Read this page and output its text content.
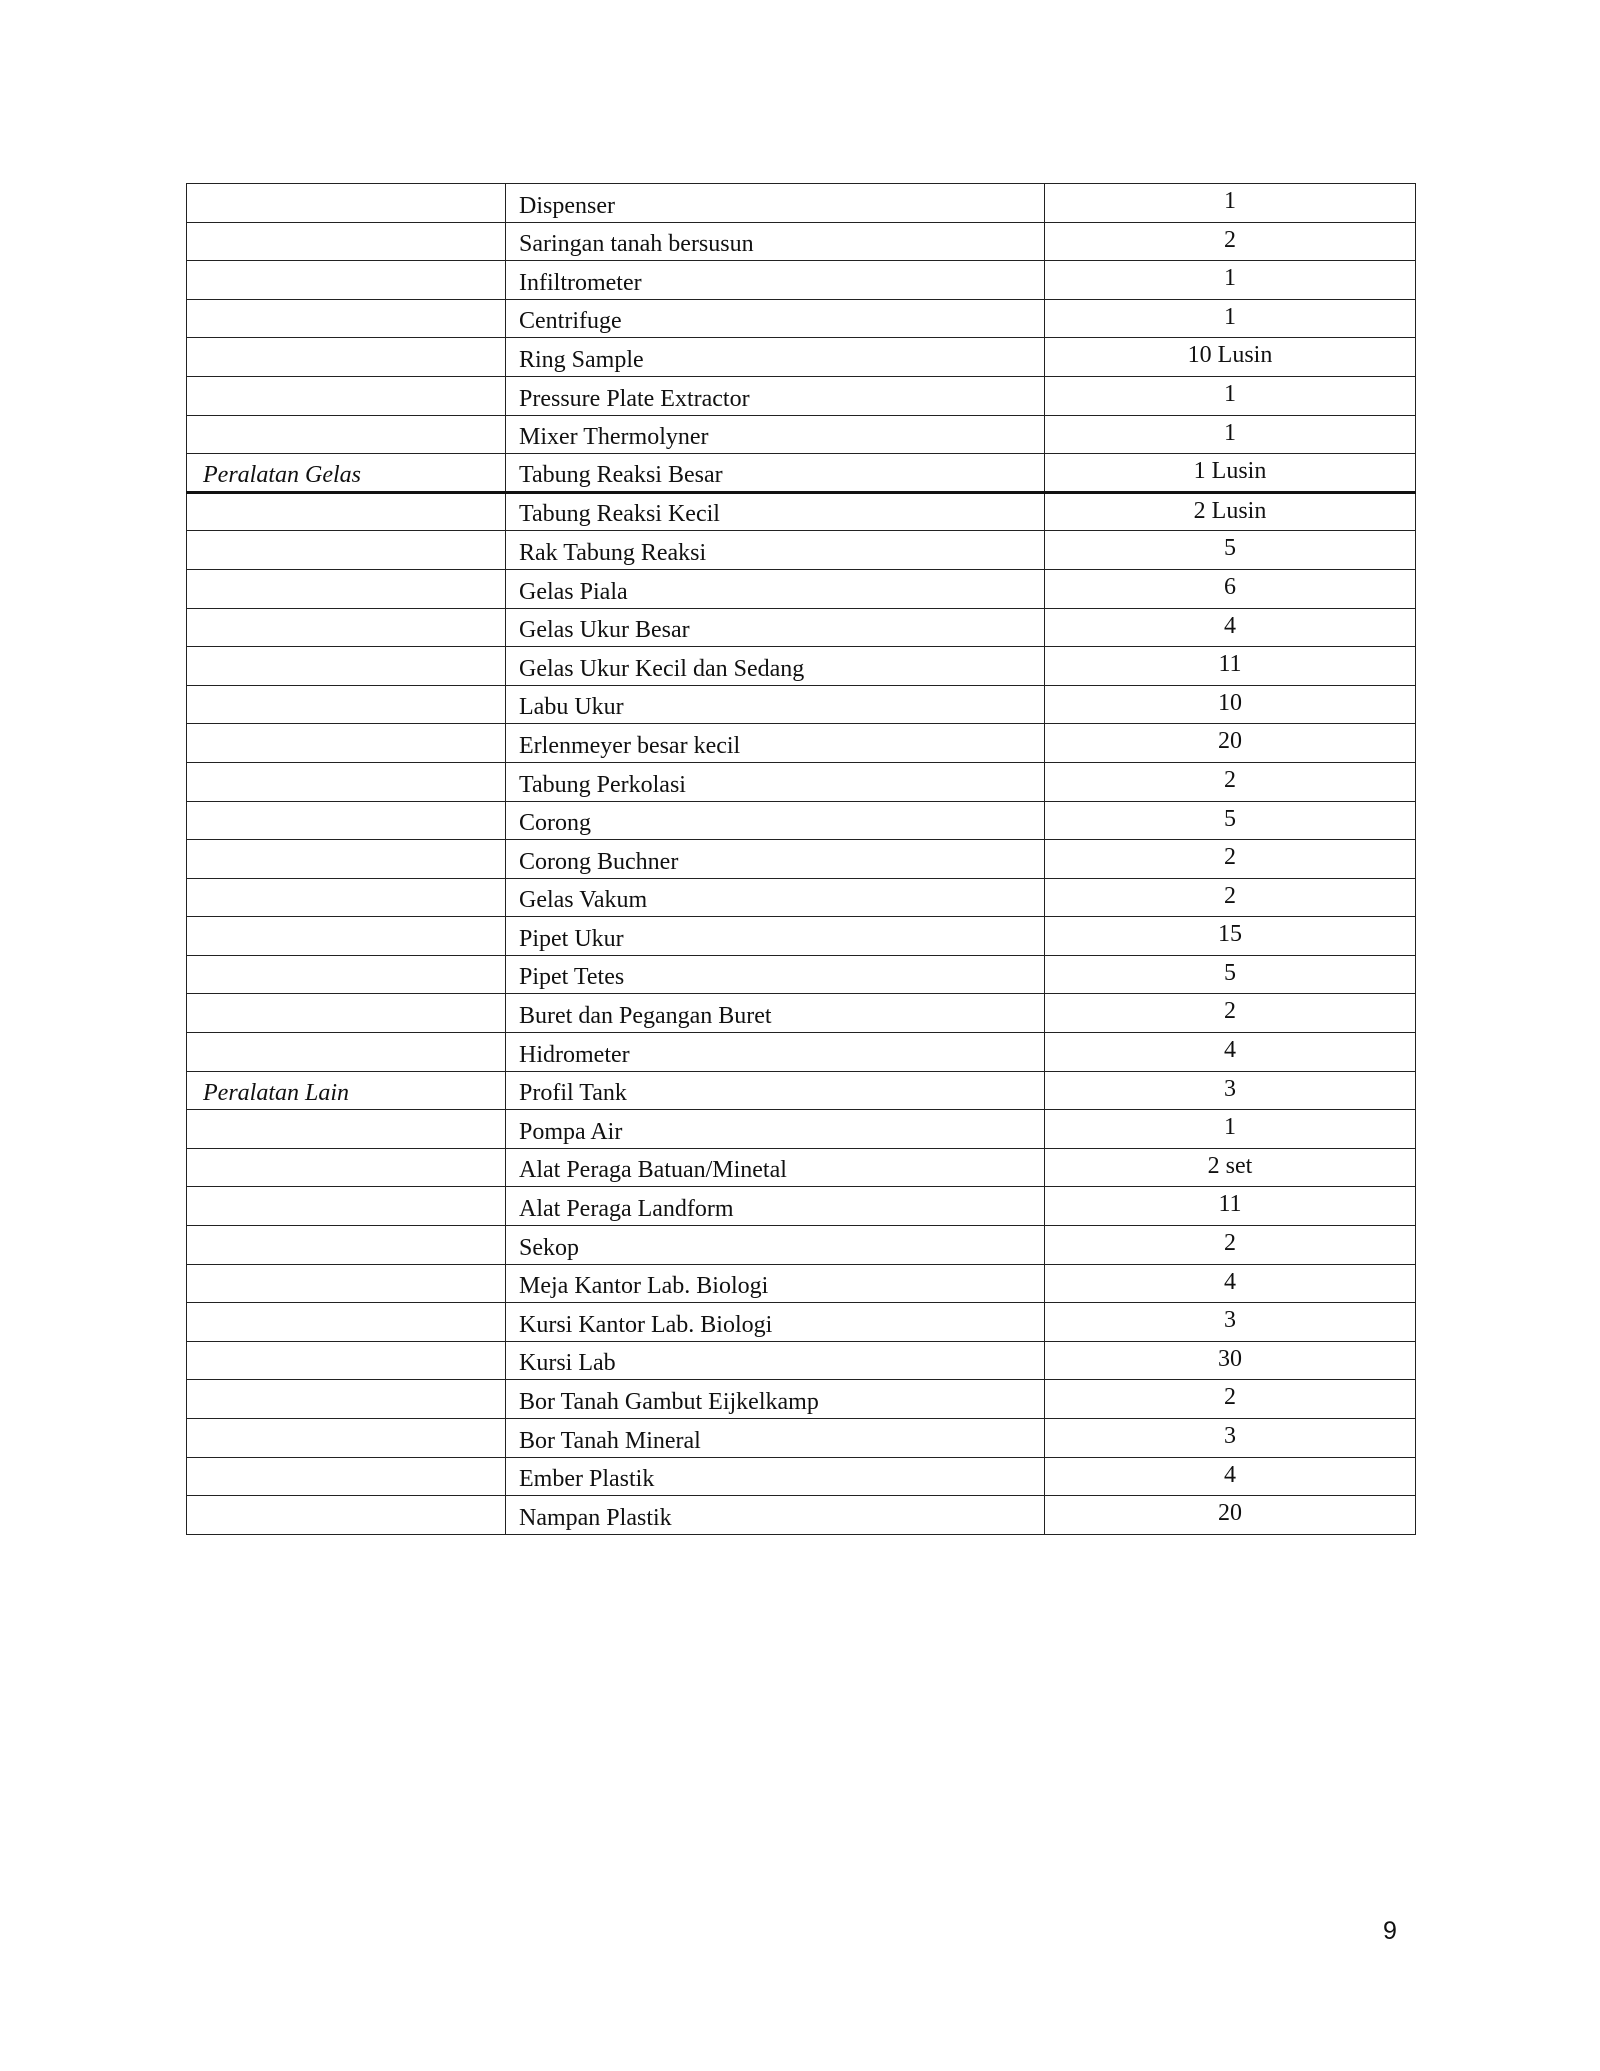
	Dispenser	1
	Saringan tanah bersusun	2
	Infiltrometer	1
	Centrifuge	1
	Ring Sample	10 Lusin
	Pressure Plate Extractor	1
	Mixer Thermolyner	1
Peralatan Gelas	Tabung Reaksi Besar	1 Lusin
	Tabung Reaksi Kecil	2 Lusin
	Rak Tabung Reaksi	5
	Gelas Piala	6
	Gelas Ukur Besar	4
	Gelas Ukur Kecil dan Sedang	11
	Labu Ukur	10
	Erlenmeyer besar kecil	20
	Tabung Perkolasi	2
	Corong	5
	Corong Buchner	2
	Gelas Vakum	2
	Pipet Ukur	15
	Pipet Tetes	5
	Buret dan Pegangan Buret	2
	Hidrometer	4
Peralatan Lain	Profil Tank	3
	Pompa Air	1
	Alat Peraga Batuan/Minetal	2 set
	Alat Peraga Landform	11
	Sekop	2
	Meja Kantor Lab. Biologi	4
	Kursi Kantor Lab. Biologi	3
	Kursi Lab	30
	Bor Tanah Gambut Eijkelkamp	2
	Bor Tanah Mineral	3
	Ember Plastik	4
	Nampan Plastik	20
9
